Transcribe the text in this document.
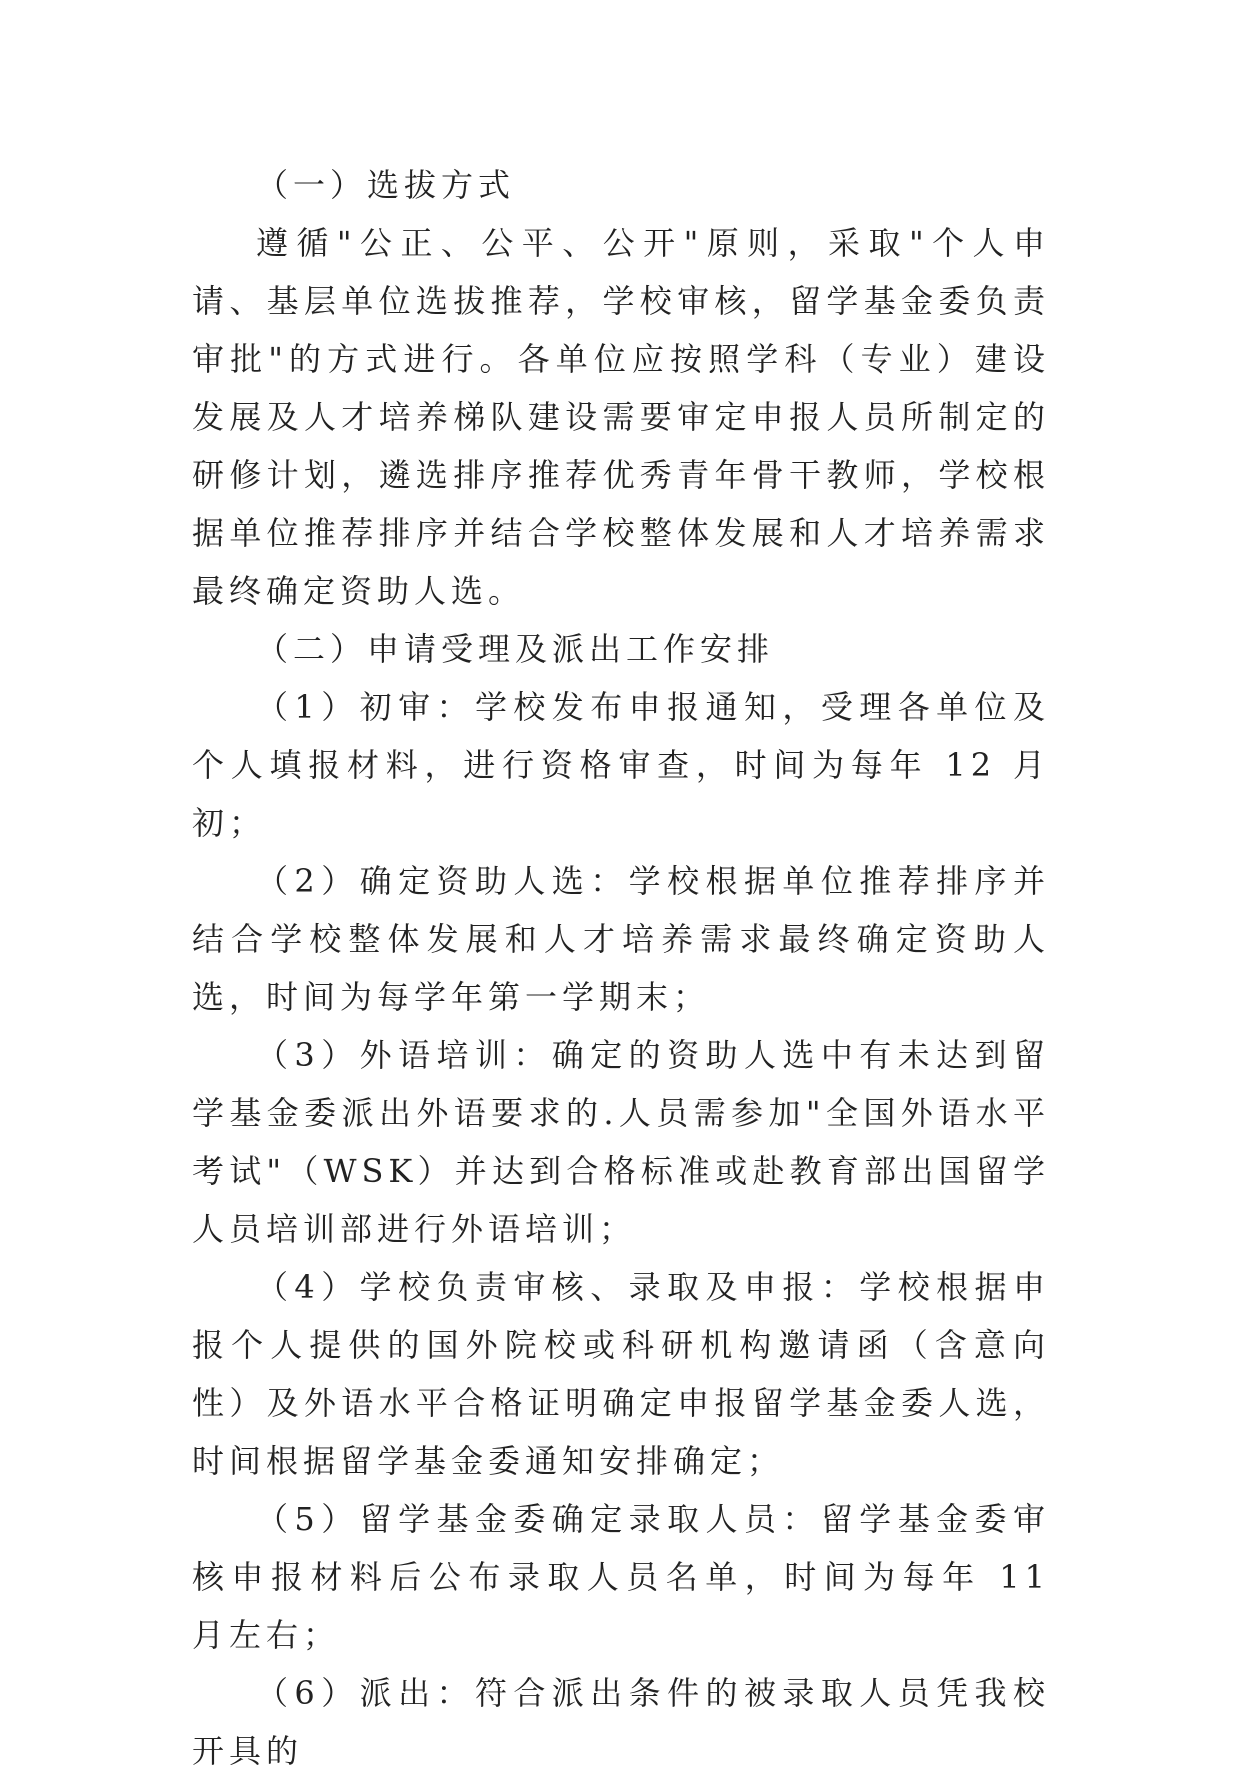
（一）选拔方式

遵循"公正、公平、公开"原则，采取"个人申请、基层单位选拔推荐，学校审核，留学基金委负责审批"的方式进行。各单位应按照学科（专业）建设发展及人才培养梯队建设需要审定申报人员所制定的研修计划，遴选排序推荐优秀青年骨干教师，学校根据单位推荐排序并结合学校整体发展和人才培养需求最终确定资助人选。

（二）申请受理及派出工作安排

（1）初审：学校发布申报通知，受理各单位及个人填报材料，进行资格审查，时间为每年 12 月初；

（2）确定资助人选：学校根据单位推荐排序并结合学校整体发展和人才培养需求最终确定资助人选，时间为每学年第一学期末；

（3）外语培训：确定的资助人选中有未达到留学基金委派出外语要求的.人员需参加"全国外语水平考试"（WSK）并达到合格标准或赴教育部出国留学人员培训部进行外语培训；

（4）学校负责审核、录取及申报：学校根据申报个人提供的国外院校或科研机构邀请函（含意向性）及外语水平合格证明确定申报留学基金委人选，时间根据留学基金委通知安排确定；

（5）留学基金委确定录取人员：留学基金委审核申报材料后公布录取人员名单，时间为每年 11 月左右；

（6）派出：符合派出条件的被录取人员凭我校开具的
